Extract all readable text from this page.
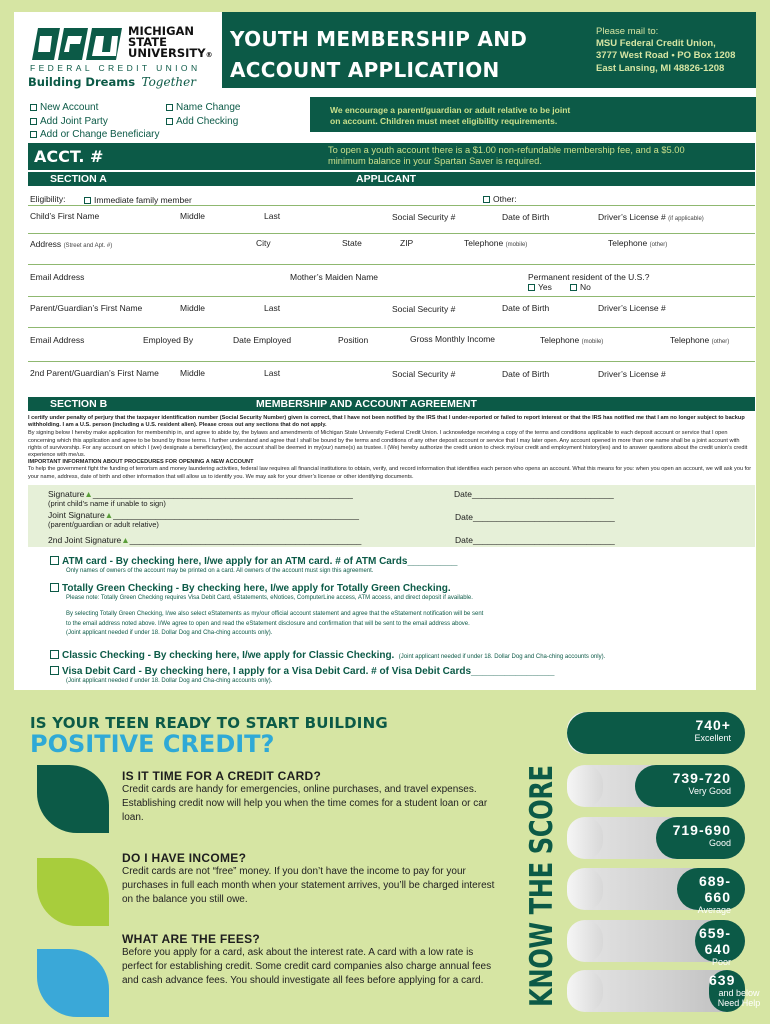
MICHIGAN
STATE
UNIVERSITY®
FEDERAL CREDIT UNION
Building Dreams Together
YOUTH MEMBERSHIP AND
ACCOUNT APPLICATION
Please mail to:
MSU Federal Credit Union,
3777 West Road • PO Box 1208
East Lansing, MI 48826-1208
New Account	Name Change
Add Joint Party	Add Checking
Add or Change Beneficiary
We encourage a parent/guardian or adult relative to be joint
on account. Children must meet eligibility requirements.
ACCT. #	To open a youth account there is a $1.00 non-refundable membership fee, and a $5.00
minimum balance in your Spartan Saver is required.
SECTION A	APPLICANT
Eligibility:	Immediate family member	Other:
Child’s First Name	Middle	Last	Social Security #	Date of Birth	Driver’s License # (if applicable)
Address (Street and Apt. #)	City	State	ZIP	Telephone (mobile)	Telephone (other)
Email Address	Mother’s Maiden Name	Permanent resident of the U.S.?
Yes	No
Parent/Guardian’s First Name	Middle	Last	Social Security #	Date of Birth	Driver’s License #
Email Address	Employed By	Date Employed	Position	Gross Monthly Income	Telephone (mobile)	Telephone (other)
2nd Parent/Guardian’s First Name Middle	Last	Social Security #	Date of Birth	Driver’s License #
SECTION B	MEMBERSHIP AND ACCOUNT AGREEMENT
I certify under penalty of perjury that the taxpayer identification number (Social Security Number) given is correct, that I have not been notified by the IRS that I under-reported or failed to report interest or that the IRS has notified me that I am no longer subject to backup withholding. I am a U.S. person (including a U.S. resident alien). Please cross out any sections that do not apply.
By signing below I hereby make application for membership in, and agree to abide by, the bylaws and amendments of Michigan State University Federal Credit Union. I acknowledge receiving a copy of the terms and conditions applicable to each deposit account or service that I open concerning which this application and agree to be bound by those terms. I further understand and agree that I shall be bound by the terms and conditions of any other deposit account or service that I may later open. Any account opened in more than one name shall be a joint account with rights of survivorship. For any account on which I (we) designate a beneficiary(ies), the account shall be deemed in my(our) name(s) as trustee. I (We) hereby authorize the credit union to check my/our credit and employment history(ies) and to answer questions about the credit union’s credit experience with me/us.
IMPORTANT INFORMATION ABOUT PROCEDURES FOR OPENING A NEW ACCOUNT
To help the government fight the funding of terrorism and money laundering activities, federal law requires all financial institutions to obtain, verify, and record information that identifies each person who opens an account. What this means for you: when you open an account, we will ask you for your name, address, date of birth and other information that will allow us to identify you. We may ask for your driver’s license or other identifying documents.
Signature▲_______________________________________________________
(print child’s name if unable to sign)
Date______________________________
Joint Signature▲____________________________________________________
(parent/guardian or adult relative)
Date______________________________
2nd Joint Signature▲_________________________________________________	Date______________________________
ATM card - By checking here, I/we apply for an ATM card. # of ATM Cards_________
Only names of owners of the account may be printed on a card. All owners of the account must sign this agreement.
Totally Green Checking - By checking here, I/we apply for Totally Green Checking.
Please note: Totally Green Checking requires Visa Debit Card, eStatements, eNotices, ComputerLine access, ATM access, and direct deposit if available.
By selecting Totally Green Checking, I/we also select eStatements as my/our official account statement and agree that the eStatement notification will be sent
to the email address noted above. I/We agree to open and read the eStatement disclosure and confirmation that will be sent to the email address above.
(Joint applicant needed if under 18. Dollar Dog and Cha-ching accounts only).
Classic Checking - By checking here, I/we apply for Classic Checking. (Joint applicant needed if under 18. Dollar Dog and Cha-ching accounts only).
Visa Debit Card - By checking here, I apply for a Visa Debit Card. # of Visa Debit Cards_______________
(Joint applicant needed if under 18. Dollar Dog and Cha-ching accounts only).
IS YOUR TEEN READY TO START BUILDING
POSITIVE CREDIT?
IS IT TIME FOR A CREDIT CARD?
Credit cards are handy for emergencies, online purchases, and travel expenses. Establishing credit now will help you when the time comes for a student loan or car loan.
DO I HAVE INCOME?
Credit cards are not “free” money. If you don’t have the income to pay for your purchases in full each month when your statement arrives, you’ll be charged interest on the balance you still owe.
WHAT ARE THE FEES?
Before you apply for a card, ask about the interest rate. A card with a low rate is perfect for establishing credit. Some credit card companies also charge annual fees and cash advance fees. You should investigate all fees before applying for a card.	KNOW THE SCORE
740+
Excellent
739-720
Very Good
719-690
Good
689-660
Average
659-640
Poor
639
and below Need Help
